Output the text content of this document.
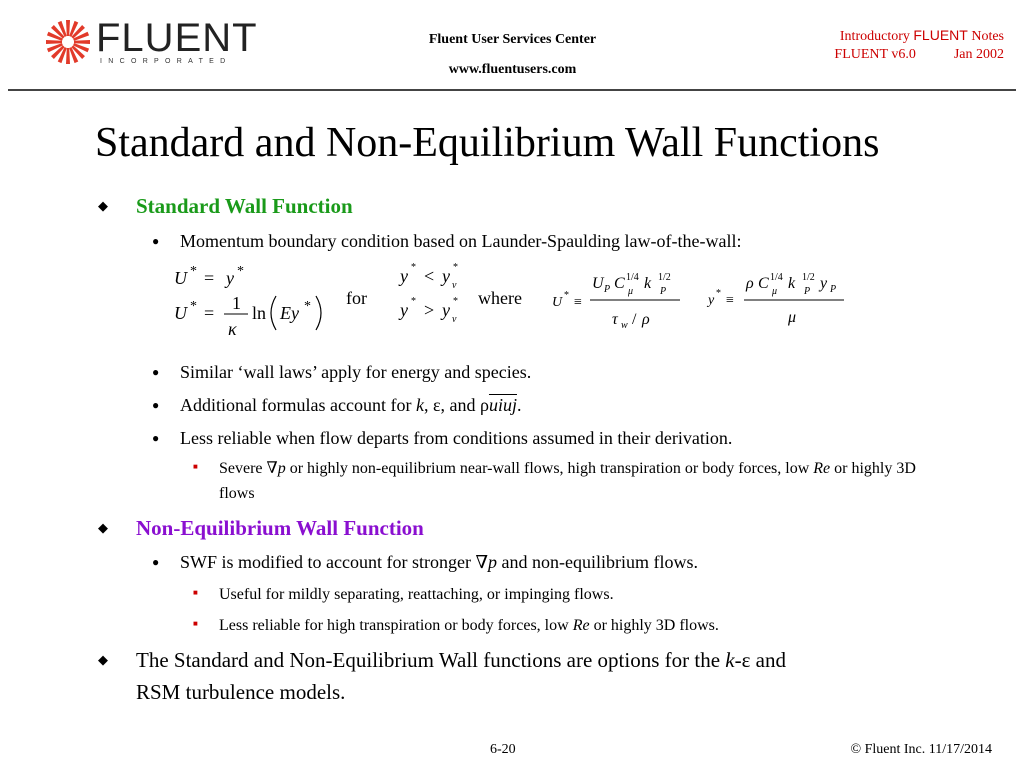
FLUENT
INCORPORATED
Fluent User Services Center
www.fluentusers.com
Introductory FLUENT Notes
FLUENT v6.0	Jan 2002
Standard and Non-Equilibrium Wall Functions
◆ Standard Wall Function
● Momentum boundary condition based on Launder-Spaulding law-of-the-wall:
U * = y *
U * = 1
κ
ln Ey * for
y * < y *
v
y * > y *
v
where U * ≡
U P C 1/4
μ k 1/2
P
τ w / ρ
y * ≡
ρ C 1/4
μ k 1/2
P y P
μ
● Similar ‘wall laws’ apply for energy and species.
● Additional formulas account for k, ε, and ρuiuj.
● Less reliable when flow departs from conditions assumed in their derivation.
■ Severe ∇p or highly non-equilibrium near-wall flows, high transpiration or body forces, low Re or highly 3D flows
◆ Non-Equilibrium Wall Function
● SWF is modified to account for stronger ∇p and non-equilibrium flows.
■ Useful for mildly separating, reattaching, or impinging flows.
■ Less reliable for high transpiration or body forces, low Re or highly 3D flows.
◆ The Standard and Non-Equilibrium Wall functions are options for the k-ε and
RSM turbulence models.
6-20	© Fluent Inc. 11/17/2014
